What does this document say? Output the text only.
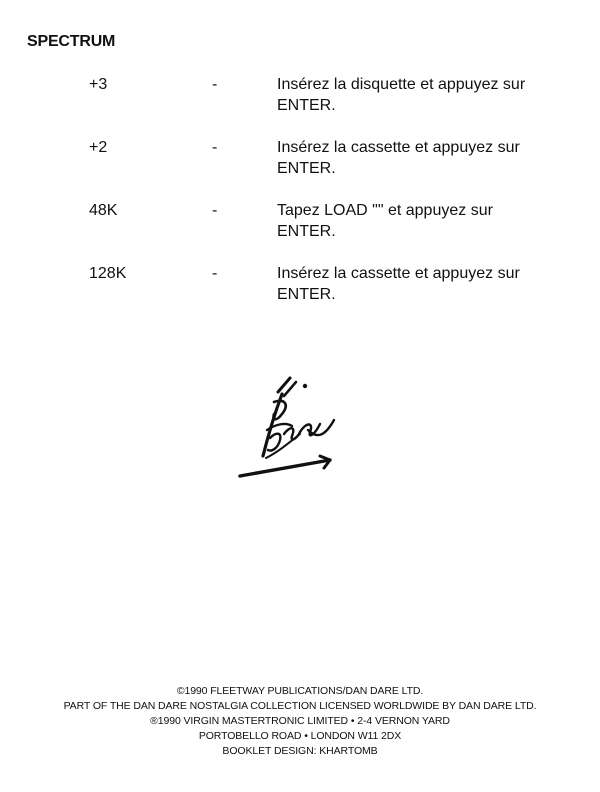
SPECTRUM
+3	-	Insérez la disquette et appuyez sur
ENTER.
+2	-	Insérez la cassette et appuyez sur
ENTER.
48K	-	Tapez LOAD "" et appuyez sur
ENTER.
128K	-	Insérez la cassette et appuyez sur
ENTER.
©1990 FLEETWAY PUBLICATIONS/DAN DARE LTD.
PART OF THE DAN DARE NOSTALGIA COLLECTION LICENSED WORLDWIDE BY DAN DARE LTD.
®1990 VIRGIN MASTERTRONIC LIMITED • 2-4 VERNON YARD
PORTOBELLO ROAD • LONDON W11 2DX
BOOKLET DESIGN: KHARTOMB
